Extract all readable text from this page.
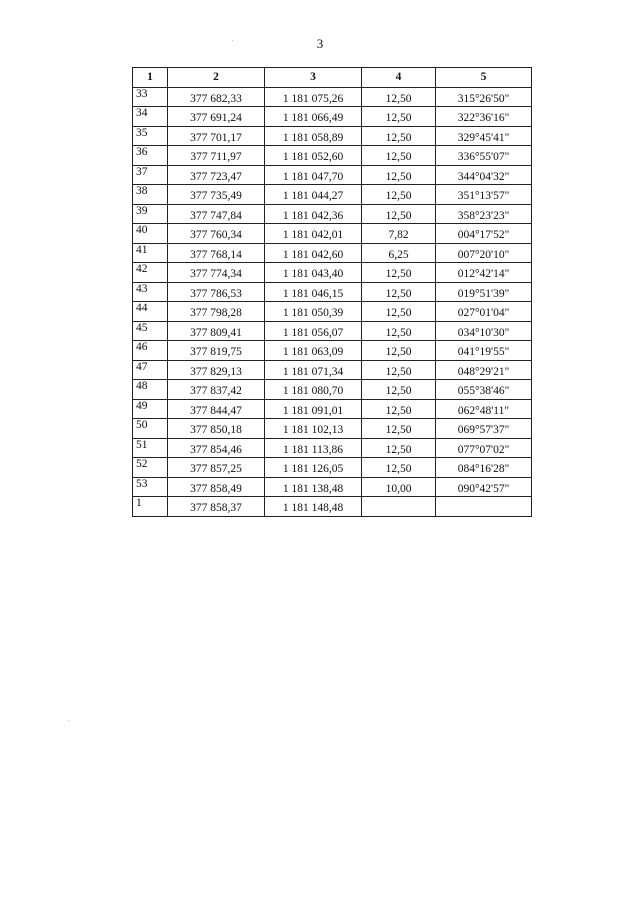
3
1	2	3	4	5
33	377 682,33	1 181 075,26	12,50	315°26'50"
34	377 691,24	1 181 066,49	12,50	322°36'16"
35	377 701,17	1 181 058,89	12,50	329°45'41"
36	377 711,97	1 181 052,60	12,50	336°55'07"
37	377 723,47	1 181 047,70	12,50	344°04'32"
38	377 735,49	1 181 044,27	12,50	351°13'57"
39	377 747,84	1 181 042,36	12,50	358°23'23"
40	377 760,34	1 181 042,01	7,82	004°17'52"
41	377 768,14	1 181 042,60	6,25	007°20'10"
42	377 774,34	1 181 043,40	12,50	012°42'14"
43	377 786,53	1 181 046,15	12,50	019°51'39"
44	377 798,28	1 181 050,39	12,50	027°01'04"
45	377 809,41	1 181 056,07	12,50	034°10'30"
46	377 819,75	1 181 063,09	12,50	041°19'55"
47	377 829,13	1 181 071,34	12,50	048°29'21"
48	377 837,42	1 181 080,70	12,50	055°38'46"
49	377 844,47	1 181 091,01	12,50	062°48'11"
50	377 850,18	1 181 102,13	12,50	069°57'37"
51	377 854,46	1 181 113,86	12,50	077°07'02"
52	377 857,25	1 181 126,05	12,50	084°16'28"
53	377 858,49	1 181 138,48	10,00	090°42'57"
1	377 858,37	1 181 148,48		
